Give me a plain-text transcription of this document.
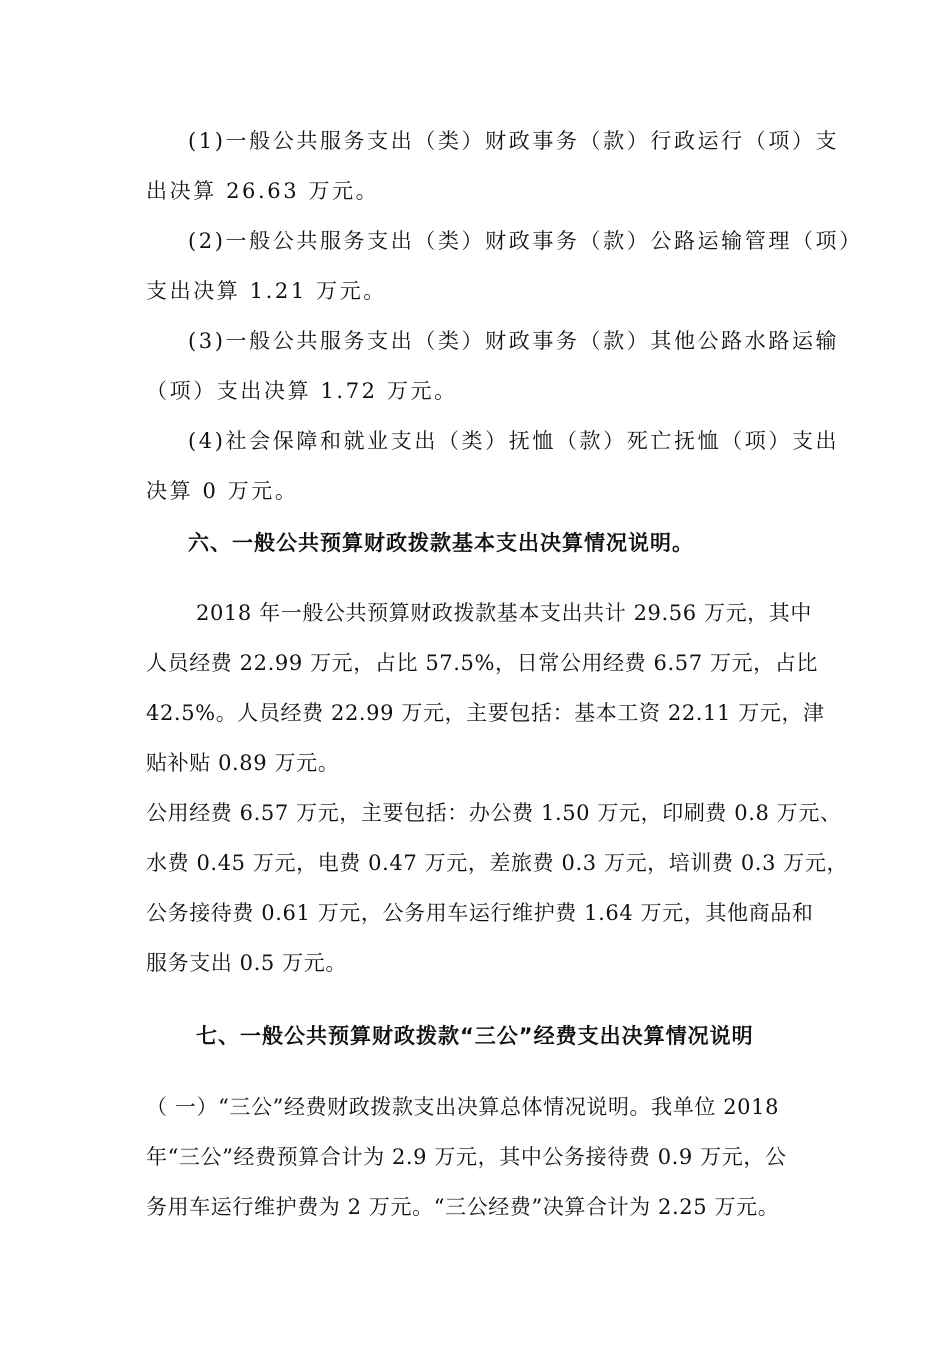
(1)一般公共服务支出（类）财政事务（款）行政运行（项）支
出决算 26.63 万元。
(2)一般公共服务支出（类）财政事务（款）公路运输管理（项）
支出决算 1.21 万元。
(3)一般公共服务支出（类）财政事务（款）其他公路水路运输
（项）支出决算 1.72 万元。
(4)社会保障和就业支出（类）抚恤（款）死亡抚恤（项）支出
决算 0 万元。
六、一般公共预算财政拨款基本支出决算情况说明。
2018 年一般公共预算财政拨款基本支出共计 29.56 万元，其中
人员经费 22.99 万元，占比 57.5%，日常公用经费 6.57 万元，占比
42.5%。人员经费 22.99 万元，主要包括：基本工资 22.11 万元，津
贴补贴 0.89 万元。
公用经费 6.57 万元，主要包括：办公费 1.50 万元，印刷费 0.8 万元、
水费 0.45 万元，电费 0.47 万元，差旅费 0.3 万元，培训费 0.3 万元，
公务接待费 0.61 万元，公务用车运行维护费 1.64 万元，其他商品和
服务支出 0.5 万元。
七、一般公共预算财政拨款“三公”经费支出决算情况说明
（ 一）“三公”经费财政拨款支出决算总体情况说明。我单位 2018
年“三公”经费预算合计为 2.9 万元，其中公务接待费 0.9 万元，公
务用车运行维护费为 2 万元。“三公经费”决算合计为 2.25 万元。
